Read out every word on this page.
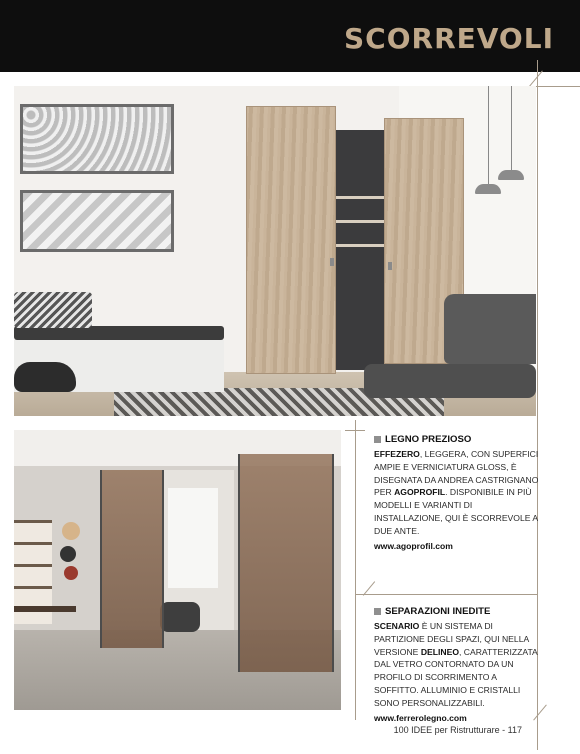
SCORREVOLI
LEGNO PREZIOSO
EFFEZERO, LEGGERA, CON SUPERFICI AMPIE E VERNICIATURA GLOSS, È DISEGNATA DA ANDREA CASTRIGNANO PER AGOPROFIL. DISPONIBILE IN PIÙ MODELLI E VARIANTI DI INSTALLAZIONE, QUI È SCORREVOLE A DUE ANTE.
www.agoprofil.com
SEPARAZIONI INEDITE
SCENARIO È UN SISTEMA DI PARTIZIONE DEGLI SPAZI, QUI NELLA VERSIONE DELINEO, CARATTERIZZATA DAL VETRO CONTORNATO DA UN PROFILO DI SCORRIMENTO A SOFFITTO. ALLUMINIO E CRISTALLI SONO PERSONALIZZABILI.
www.ferrerolegno.com
100 IDEE per Ristrutturare - 117
